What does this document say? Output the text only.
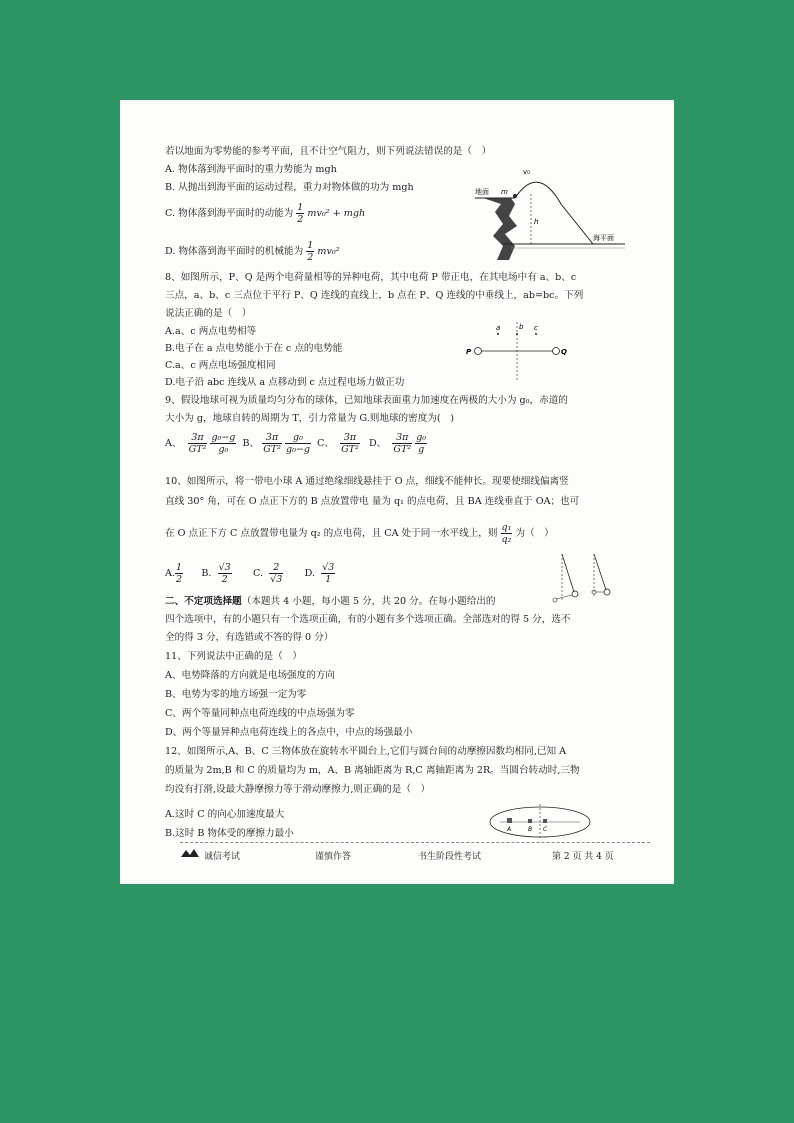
若以地面为零势能的参考平面，且不计空气阻力，则下列说法错误的是（　）
A. 物体落到海平面时的重力势能为 mgh
B. 从抛出到海平面的运动过程，重力对物体做的功为 mgh
C. 物体落到海平面时的动能为 $\frac{1}{2} mv_0^2$ + mgh
D. 物体落到海平面时的机械能为 $\frac{1}{2} mv_0^2$
地面 m
v₀
h
海平面
8、如图所示，P、Q 是两个电荷量相等的异种电荷，其中电荷 P 带正电，在其电场中有 a、b、c
三点，a、b、c 三点位于平行 P、Q 连线的直线上，b 点在 P、Q 连线的中垂线上，ab=bc。下列
说法正确的是（　）
A.a、c 两点电势相等
B.电子在 a 点电势能小于在 c 点的电势能
C.a、c 两点电场强度相同
D.电子沿 abc 连线从 a 点移动到 c 点过程电场力做正功
a	b c
P	Q
9、假设地球可视为质量均匀分布的球体，已知地球表面重力加速度在两极的大小为 g₀，赤道的
大小为 g，地球自转的周期为 T，引力常量为 G.则地球的密度为(　)
A、 $\frac{3\pi}{\text{GT²}}$
$\frac{\text{g₀−g}}{\text{g₀}}$ B、 $\frac{3\pi}{\text{GT²}}$
$\frac{\text{g₀}}{\text{g₀−g}}$ C、 $\frac{3\pi}{\text{GT²}}$ D、 $\frac{3\pi}{\text{GT²}}$
$\frac{\text{g₀}}{g}$
10、如图所示，将一带电小球 A 通过绝缘细线悬挂于 O 点，细线不能伸长。现要使细线偏离竖
直线 30° 角，可在 O 点正下方的 B 点放置带电 量为 q₁ 的点电荷，且 BA 连线垂直于 OA；也可
在 O 点正下方 C 点放置带电量为 q₂ 的点电荷，且 CA 处于同一水平线上，则 $\frac{\text{q₁}}{\text{q₂}}$ 为（　）
A. $\frac{1}{2} B$. $\frac{√3}{2} C$. $\frac{2}{√3} D$. $\frac{√3}{1}$
二、不定项选择题（本题共 4 小题，每小题 5 分，共 20 分。在每小题给出的
四个选项中，有的小题只有一个选项正确，有的小题有多个选项正确。全部选对的得 5 分，选不
全的得 3 分，有选错或不答的得 0 分）
11、下列说法中正确的是（　）
A、电势降落的方向就是电场强度的方向
B、电势为零的地方场强一定为零
C、两个等量同种点电荷连线的中点场强为零
D、两个等量异种点电荷连线上的各点中，中点的场强最小
12、如图所示,A、B、C 三物体放在旋转水平圆台上,它们与圆台间的动摩擦因数均相同,已知 A
的质量为 2m,B 和 C 的质量均为 m，A、B 离轴距离为 R,C 离轴距离为 2R。当圆台转动时,三物
均没有打滑,设最大静摩擦力等于滑动摩擦力,则正确的是（　）
A.这时 C 的向心加速度最大
B.这时 B 物体受的摩擦力最小	A	B C
诚信考试	谨慎作答	书生阶段性考试	第 2 页 共 4 页
